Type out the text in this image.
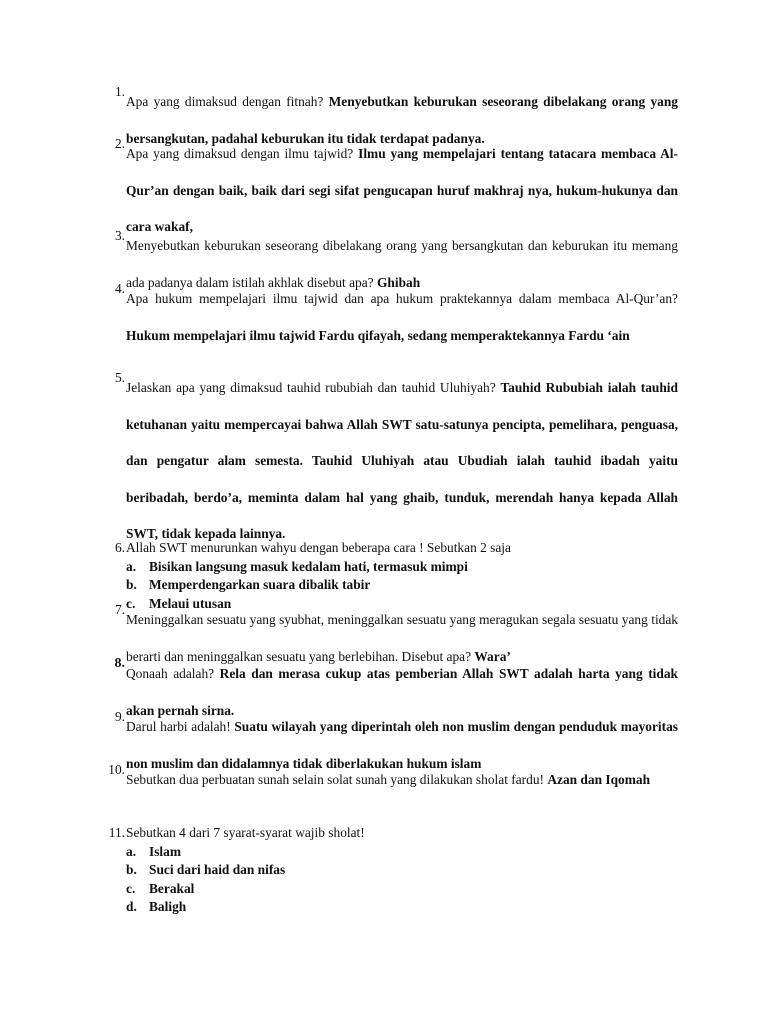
1.
Apa yang dimaksud dengan fitnah? Menyebutkan keburukan seseorang dibelakang orang yang bersangkutan, padahal keburukan itu tidak terdapat padanya.
2.
Apa yang dimaksud dengan ilmu tajwid? Ilmu yang mempelajari tentang tatacara membaca Al-Qur’an dengan baik, baik dari segi sifat pengucapan huruf makhraj nya, hukum-hukunya dan cara wakaf,
3.
Menyebutkan keburukan seseorang dibelakang orang yang bersangkutan dan keburukan itu memang ada padanya dalam istilah akhlak disebut apa? Ghibah
4.
Apa hukum mempelajari ilmu tajwid dan apa hukum praktekannya dalam membaca Al-Qur’an? Hukum mempelajari ilmu tajwid Fardu qifayah, sedang memperaktekannya Fardu ‘ain
5.
Jelaskan apa yang dimaksud tauhid rububiah dan tauhid Uluhiyah? Tauhid Rububiah ialah tauhid ketuhanan yaitu mempercayai bahwa Allah SWT satu-satunya pencipta, pemelihara, penguasa, dan pengatur alam semesta. Tauhid Uluhiyah atau Ubudiah ialah tauhid ibadah yaitu beribadah, berdo’a, meminta dalam hal yang ghaib, tunduk, merendah hanya kepada Allah SWT, tidak kepada lainnya.
6. Allah SWT menurunkan wahyu dengan beberapa cara ! Sebutkan 2 saja
a. Bisikan langsung masuk kedalam hati, termasuk mimpi
b. Memperdengarkan suara dibalik tabir
c. Melaui utusan
7.
Meninggalkan sesuatu yang syubhat, meninggalkan sesuatu yang meragukan segala sesuatu yang tidak berarti dan meninggalkan sesuatu yang berlebihan. Disebut apa? Wara’
8.
Qonaah adalah? Rela dan merasa cukup atas pemberian Allah SWT adalah harta yang tidak akan pernah sirna.
9.
Darul harbi adalah! Suatu wilayah yang diperintah oleh non muslim dengan penduduk mayoritas non muslim dan didalamnya tidak diberlakukan hukum islam
10.
Sebutkan dua perbuatan sunah selain solat sunah yang dilakukan sholat fardu! Azan dan Iqomah
11. Sebutkan 4 dari 7 syarat-syarat wajib sholat!
a. Islam
b. Suci dari haid dan nifas
c. Berakal
d. Baligh
